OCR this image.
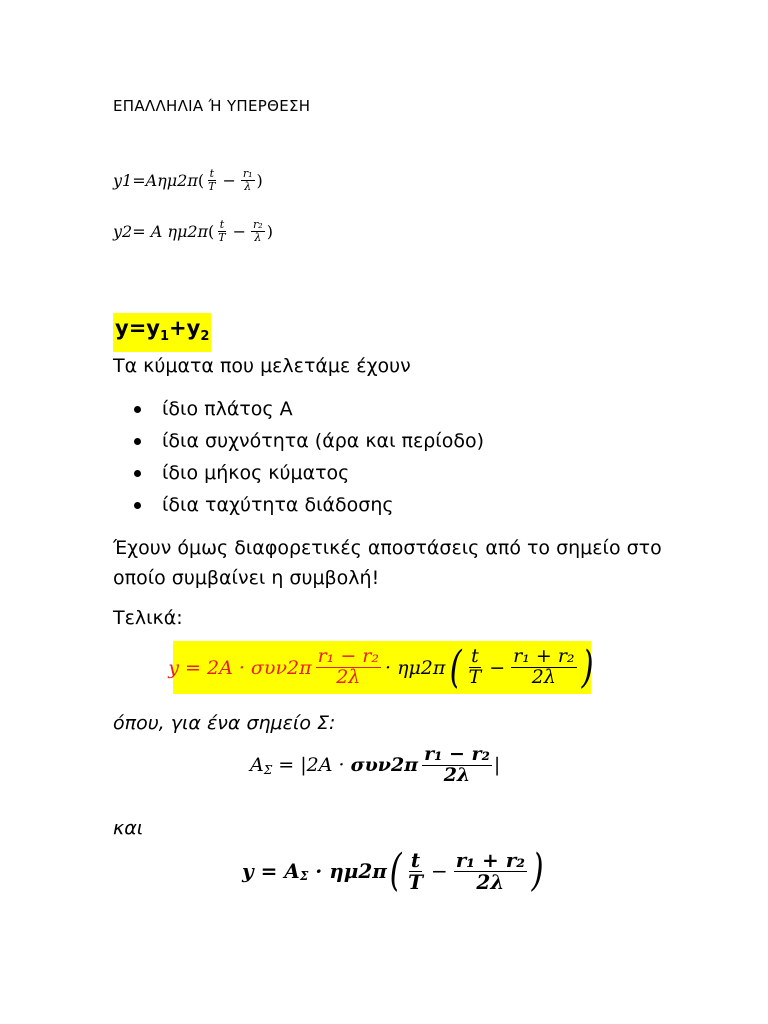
ΕΠΑΛΛΗΛΙΑ Ή ΥΠΕΡΘΕΣΗ
y1=Aημ2π ( $\frac{t}{T} - \frac{\text{r₁}}{\lambda}$ )
y2= A ημ2π ( $\frac{t}{T} - \frac{\text{r₂}}{\lambda}$ )
$y=y_1+y_2$
Τα κύματα που μελετάμε έχουν
ίδιο πλάτος Α
ίδια συχνότητα (άρα και περίοδο)
ίδιο μήκος κύματος
ίδια ταχύτητα διάδοσης
Έχουν όμως διαφορετικές αποστάσεις από το σημείο στο
οποίο συμβαίνει η συμβολή!
Τελικά:
$y = 2A \cdot \sigma\upsilon\nu 2\pi \frac{\text{r₁ − r₂}}{2\lambda} \cdot \eta\mu 2\pi$ ( $\frac{t}{T} - \frac{\text{r₁ + r₂}}{2\lambda}$ )
όπου, για ένα σημείο Σ:
$A_\Sigma = |2A \cdot \sigma\upsilon\nu 2\pi \frac{\text{r₁ − r₂}}{2\lambda}$ |
και
$y = A_\Sigma \cdot \eta\mu 2\pi$ ( $\frac{t}{T} - \frac{\text{r₁ + r₂}}{2\lambda}$ )
